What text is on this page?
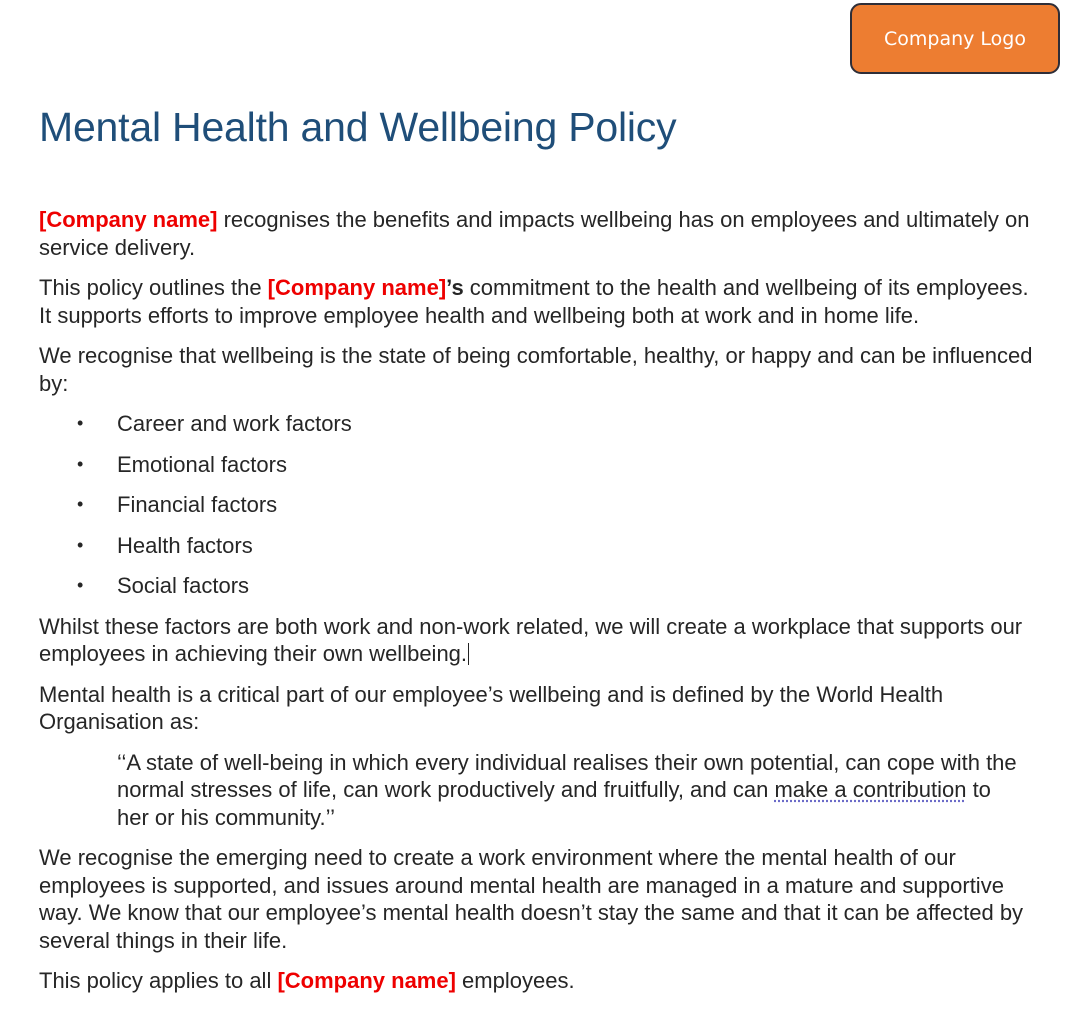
Company Logo
Mental Health and Wellbeing Policy

[Company name] recognises the benefits and impacts wellbeing has on employees and ultimately on service delivery.

This policy outlines the [Company name]’s commitment to the health and wellbeing of its employees. It supports efforts to improve employee health and wellbeing both at work and in home life.

We recognise that wellbeing is the state of being comfortable, healthy, or happy and can be influenced by:

• Career and work factors
• Emotional factors
• Financial factors
• Health factors
• Social factors

Whilst these factors are both work and non-work related, we will create a workplace that supports our employees in achieving their own wellbeing.

Mental health is a critical part of our employee’s wellbeing and is defined by the World Health Organisation as:

‘‘A state of well-being in which every individual realises their own potential, can cope with the normal stresses of life, can work productively and fruitfully, and can make a contribution to her or his community.’’

We recognise the emerging need to create a work environment where the mental health of our employees is supported, and issues around mental health are managed in a mature and supportive way. We know that our employee’s mental health doesn’t stay the same and that it can be affected by several things in their life.

This policy applies to all [Company name] employees.
